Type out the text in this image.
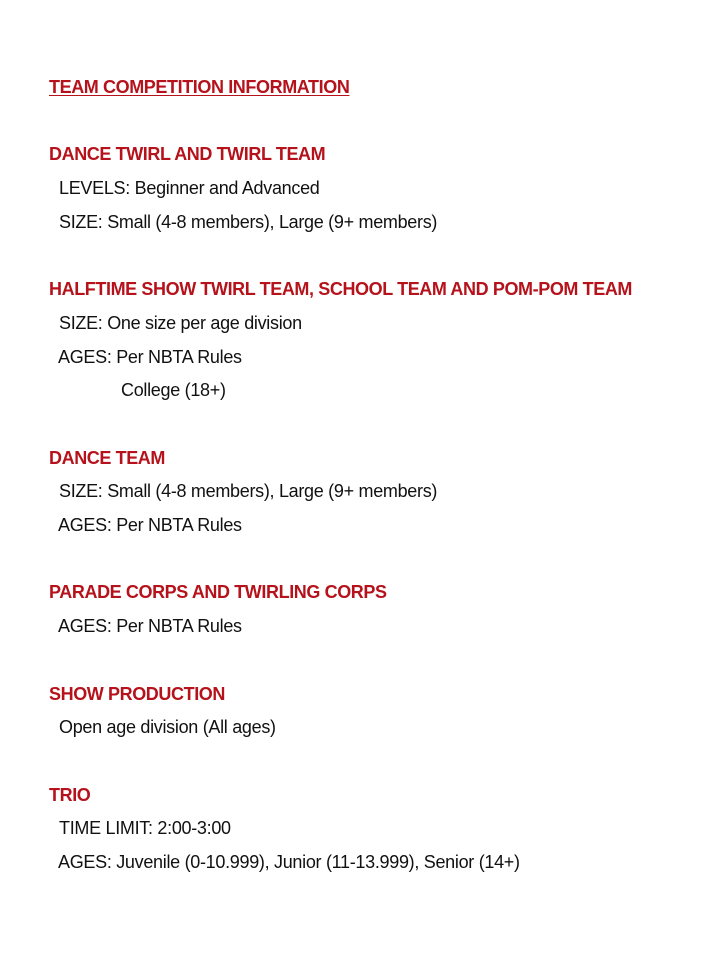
TEAM COMPETITION INFORMATION
DANCE TWIRL AND TWIRL TEAM
LEVELS: Beginner and Advanced
SIZE: Small (4-8 members), Large (9+ members)
HALFTIME SHOW TWIRL TEAM, SCHOOL TEAM AND POM-POM TEAM
SIZE: One size per age division
AGES: Per NBTA Rules
College (18+)
DANCE TEAM
SIZE: Small (4-8 members), Large (9+ members)
AGES: Per NBTA Rules
PARADE CORPS AND TWIRLING CORPS
AGES: Per NBTA Rules
SHOW PRODUCTION
Open age division (All ages)
TRIO
TIME LIMIT: 2:00-3:00
AGES: Juvenile (0-10.999), Junior (11-13.999), Senior (14+)
